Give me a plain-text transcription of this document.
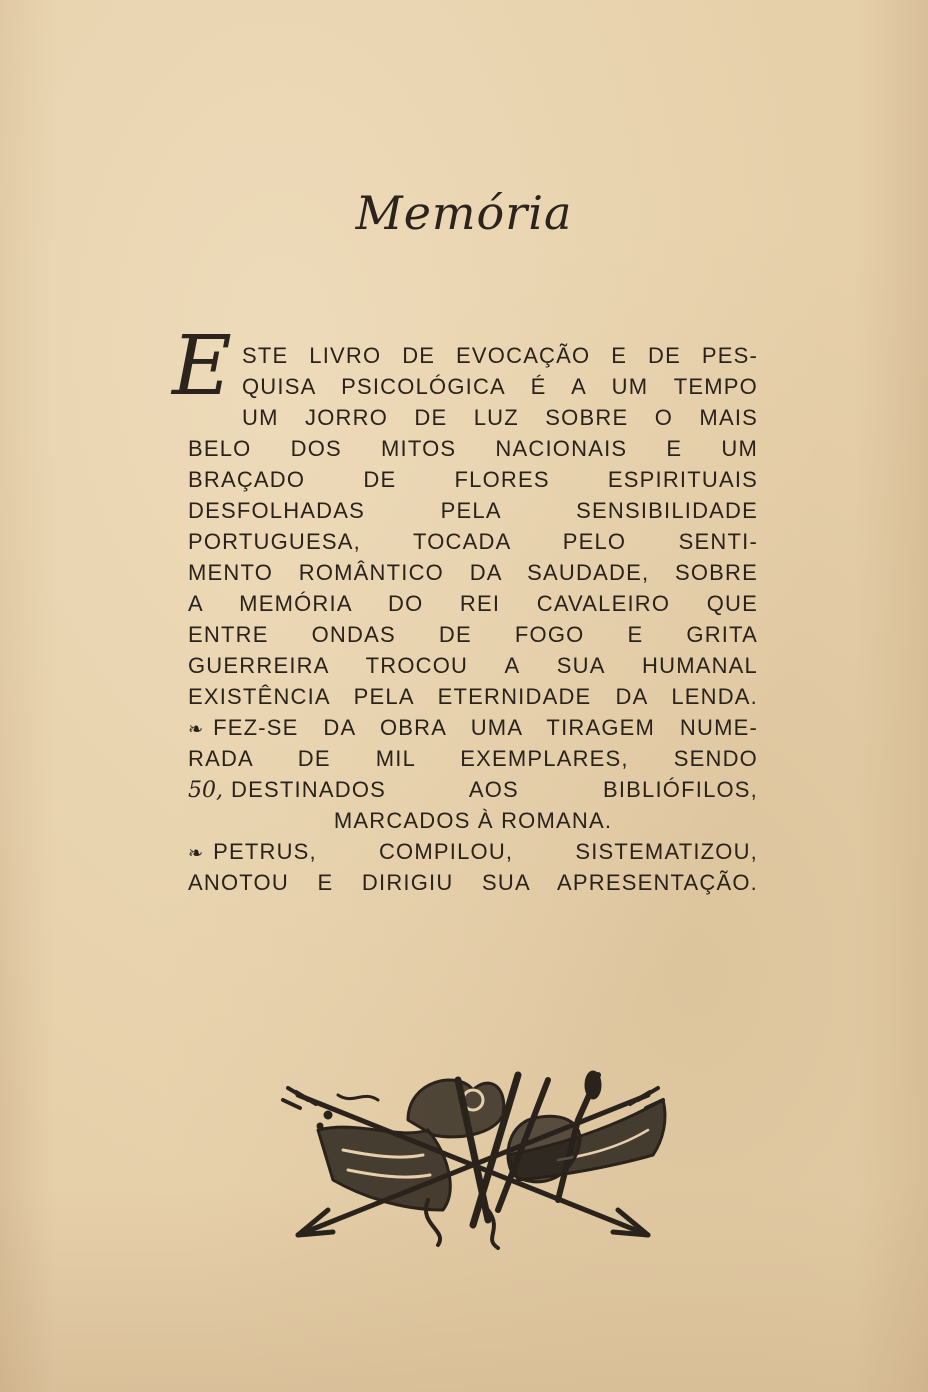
Memória
E STE LIVRO DE EVOCAÇÃO E DE PES-
QUISA PSICOLÓGICA É A UM TEMPO
UM JORRO DE LUZ SOBRE O MAIS
BELO DOS MITOS NACIONAIS E UM
BRAÇADO DE FLORES ESPIRITUAIS
DESFOLHADAS PELA SENSIBILIDADE
PORTUGUESA, TOCADA PELO SENTI-
MENTO ROMÂNTICO DA SAUDADE, SOBRE
A MEMÓRIA DO REI CAVALEIRO QUE
ENTRE ONDAS DE FOGO E GRITA
GUERREIRA TROCOU A SUA HUMANAL
EXISTÊNCIA PELA ETERNIDADE DA LENDA.
❧ FEZ-SE DA OBRA UMA TIRAGEM NUME-
RADA DE MIL EXEMPLARES, SENDO
50, DESTINADOS AOS BIBLIÓFILOS,
MARCADOS À ROMANA.
❧ PETRUS, COMPILOU, SISTEMATIZOU,
ANOTOU E DIRIGIU SUA APRESENTAÇÃO.
